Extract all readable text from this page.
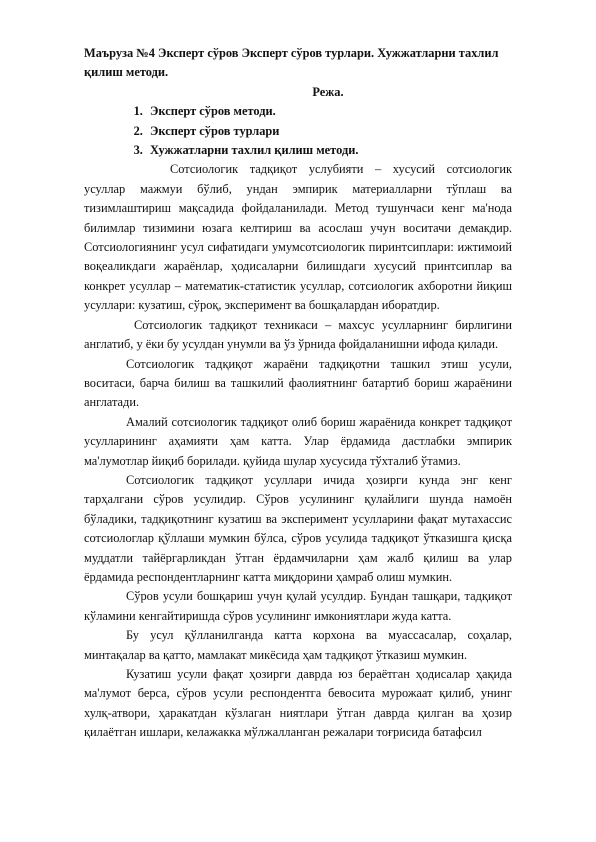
Маъруза №4 Эксперт сўров Эксперт сўров турлари. Хужжатларни тахлил қилиш методи.

Режа.

1. Эксперт сўров методи.
2. Эксперт сўров турлари
3. Хужжатларни тахлил қилиш методи.

Сотсиологик тадқиқот услубияти – хусусий сотсиологик усуллар мажмуи бўлиб, ундан эмпирик материалларни тўплаш ва тизимлаштириш мақсадида фойдаланилади. Метод тушунчаси кенг ма'нода билимлар тизимини юзага келтириш ва асослаш учун воситачи демакдир. Сотсиологиянинг усул сифатидаги умумсотсиологик пиринтсиплари: ижтимоий воқеаликдаги жараёнлар, ҳодисаларни билишдаги хусусий принтсиплар ва конкрет усуллар – математик-статистик усуллар, сотсиологик ахборотни йиқиш усуллари: кузатиш, сўроқ, эксперимент ва бошқалардан иборатдир.

Сотсиологик тадқиқот техникаси – махсус усулларнинг бирлигини англатиб, у ёки бу усулдан унумли ва ўз ўрнида фойдаланишни ифода қилади.

Сотсиологик тадқиқот жараёни тадқиқотни ташкил этиш усули, воситаси, барча билиш ва ташкилий фаолиятнинг батартиб бориш жараёнини англатади.

Амалий сотсиологик тадқиқот олиб бориш жараёнида конкрет тадқиқот усулларининг аҳамияти ҳам катта. Улар ёрдамида дастлабки эмпирик ма'лумотлар йиқиб борилади. қуйида шулар хусусида тўхталиб ўтамиз.

Сотсиологик тадқиқот усуллари ичида ҳозирги кунда энг кенг тарҳалгани сўров усулидир. Сўров усулининг қулайлиги шунда намоён бўладики, тадқиқотнинг кузатиш ва эксперимент усулларини фақат мутахассис сотсиологлар қўллаши мумкин бўлса, сўров усулида тадқиқот ўтказишга қисқа муддатли тайёргарликдан ўтган ёрдамчиларни ҳам жалб қилиш ва улар ёрдамида респондентларнинг катта миқдорини ҳамраб олиш мумкин.

Сўров усули бошқариш учун қулай усулдир. Бундан ташқари, тадқиқот кўламини кенгайтиришда сўров усулининг имкониятлари жуда катта.

Бу усул қўлланилганда катта корхона ва муассасалар, соҳалар, минтақалар ва қатто, мамлакат микёсида ҳам тадқиқот ўтказиш мумкин.

Кузатиш усули фақат ҳозирги даврда юз бераётган ҳодисалар ҳақида ма'лумот берса, сўров усули респондентга бевосита мурожаат қилиб, унинг хулқ-атвори, ҳаракатдан кўзлаган ниятлари ўтган даврда қилган ва ҳозир қилаётган ишлари, келажакка мўлжалланган режалари тоғрисида батафсил
